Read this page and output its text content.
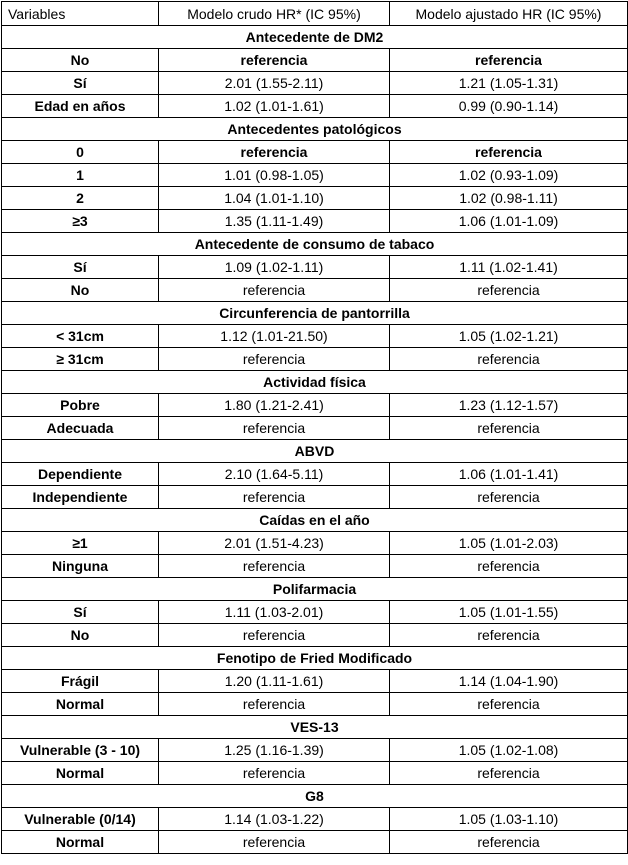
Variables	Modelo crudo HR* (IC 95%)	Modelo ajustado HR (IC 95%)
Antecedente de DM2		
No	referencia	referencia
Sí	2.01 (1.55-2.11)	1.21 (1.05-1.31)
Edad en años	1.02 (1.01-1.61)	0.99 (0.90-1.14)
Antecedentes patológicos		
0	referencia	referencia
1	1.01 (0.98-1.05)	1.02 (0.93-1.09)
2	1.04 (1.01-1.10)	1.02 (0.98-1.11)
≥3	1.35 (1.11-1.49)	1.06 (1.01-1.09)
Antecedente de consumo de tabaco		
Sí	1.09 (1.02-1.11)	1.11 (1.02-1.41)
No	referencia	referencia
Circunferencia de pantorrilla		
< 31cm	1.12 (1.01-21.50)	1.05 (1.02-1.21)
≥ 31cm	referencia	referencia
Actividad física		
Pobre	1.80 (1.21-2.41)	1.23 (1.12-1.57)
Adecuada	referencia	referencia
ABVD		
Dependiente	2.10 (1.64-5.11)	1.06 (1.01-1.41)
Independiente	referencia	referencia
Caídas en el año		
≥1	2.01 (1.51-4.23)	1.05 (1.01-2.03)
Ninguna	referencia	referencia
Polifarmacia		
Sí	1.11 (1.03-2.01)	1.05 (1.01-1.55)
No	referencia	referencia
Fenotipo de Fried Modificado		
Frágil	1.20 (1.11-1.61)	1.14 (1.04-1.90)
Normal	referencia	referencia
VES-13		
Vulnerable (3 - 10)	1.25 (1.16-1.39)	1.05 (1.02-1.08)
Normal	referencia	referencia
G8		
Vulnerable (0/14)	1.14 (1.03-1.22)	1.05 (1.03-1.10)
Normal	referencia	referencia
